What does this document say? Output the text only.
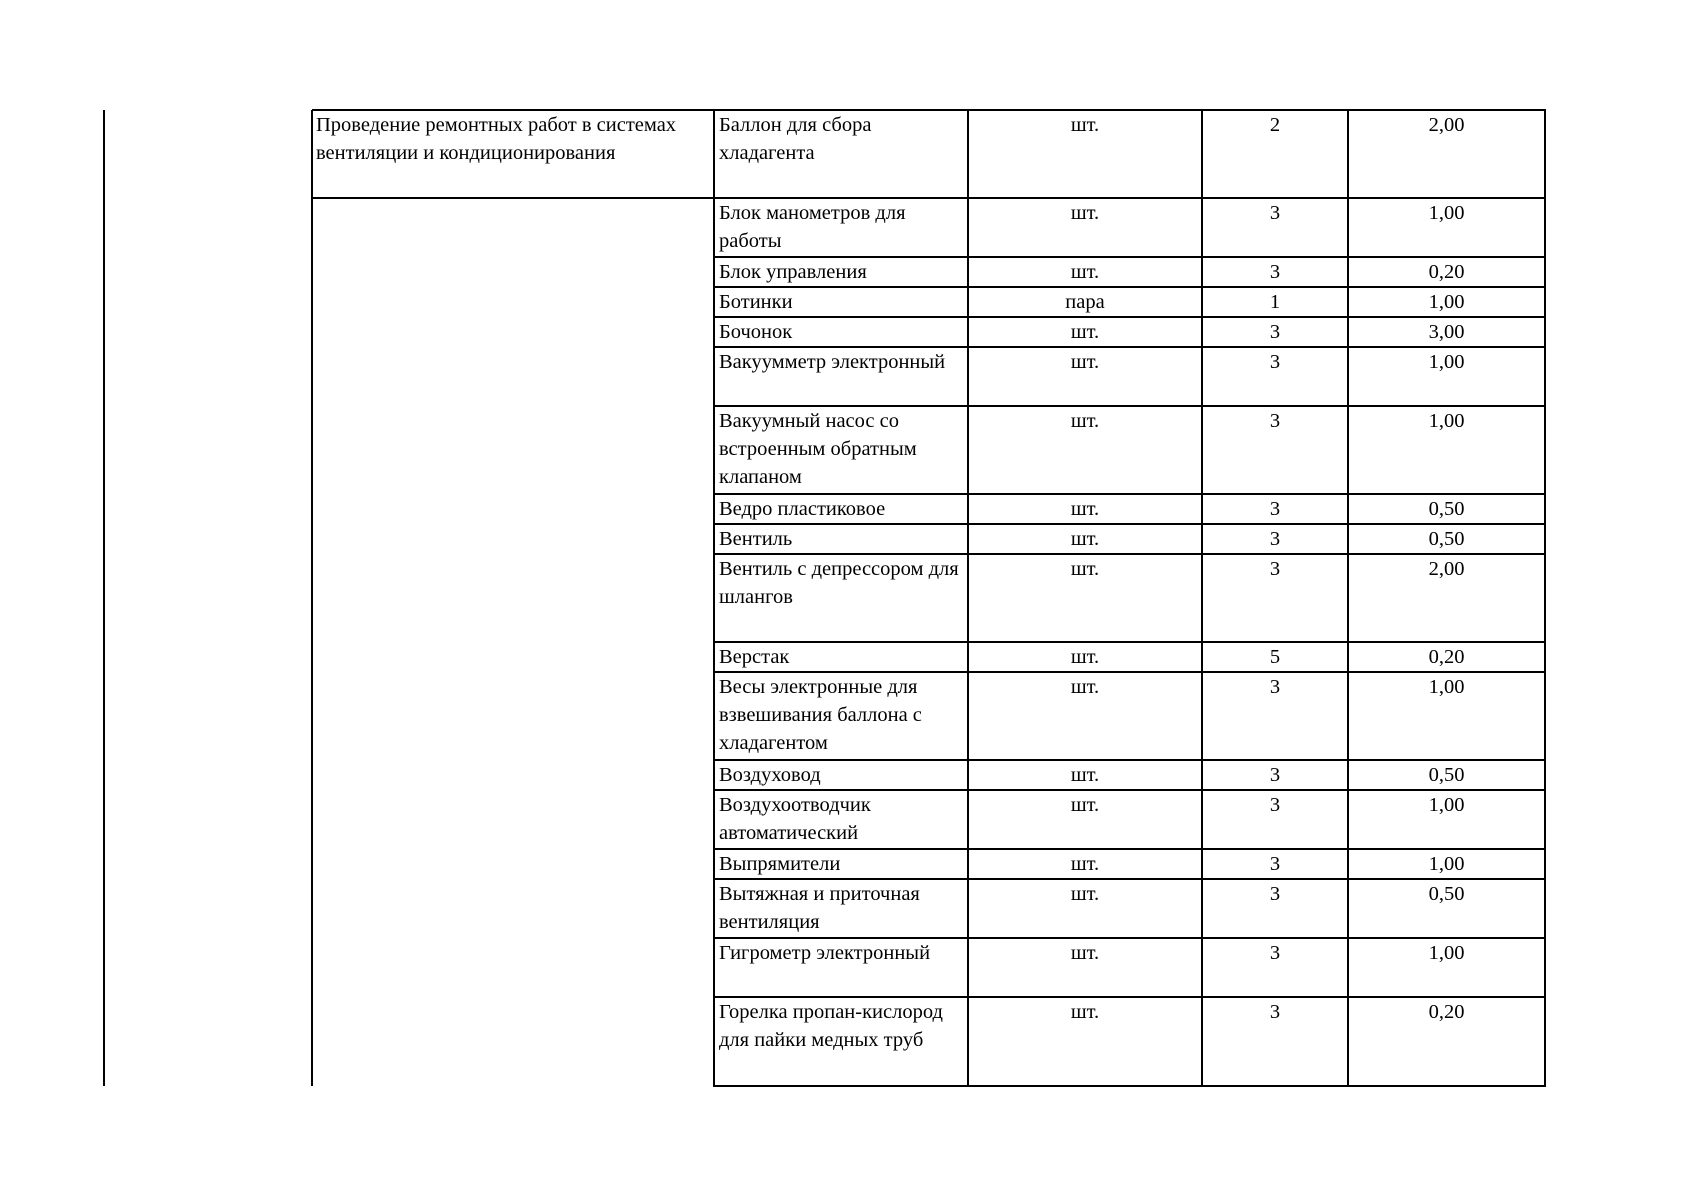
Проведение ремонтных работ в системах вентиляции и кондиционирования	Баллон для сбора хладагента	шт.	2	2,00
	Блок манометров для работы	шт.	3	1,00
	Блок управления	шт.	3	0,20
	Ботинки	пара	1	1,00
	Бочонок	шт.	3	3,00
	Вакуумметр электронный	шт.	3	1,00
	Вакуумный насос со встроенным обратным клапаном	шт.	3	1,00
	Ведро пластиковое	шт.	3	0,50
	Вентиль	шт.	3	0,50
	Вентиль с депрессором для шлангов	шт.	3	2,00
	Верстак	шт.	5	0,20
	Весы электронные для взвешивания баллона с хладагентом	шт.	3	1,00
	Воздуховод	шт.	3	0,50
	Воздухоотводчик автоматический	шт.	3	1,00
	Выпрямители	шт.	3	1,00
	Вытяжная и приточная вентиляция	шт.	3	0,50
	Гигрометр электронный	шт.	3	1,00
	Горелка пропан-кислород для пайки медных труб	шт.	3	0,20
